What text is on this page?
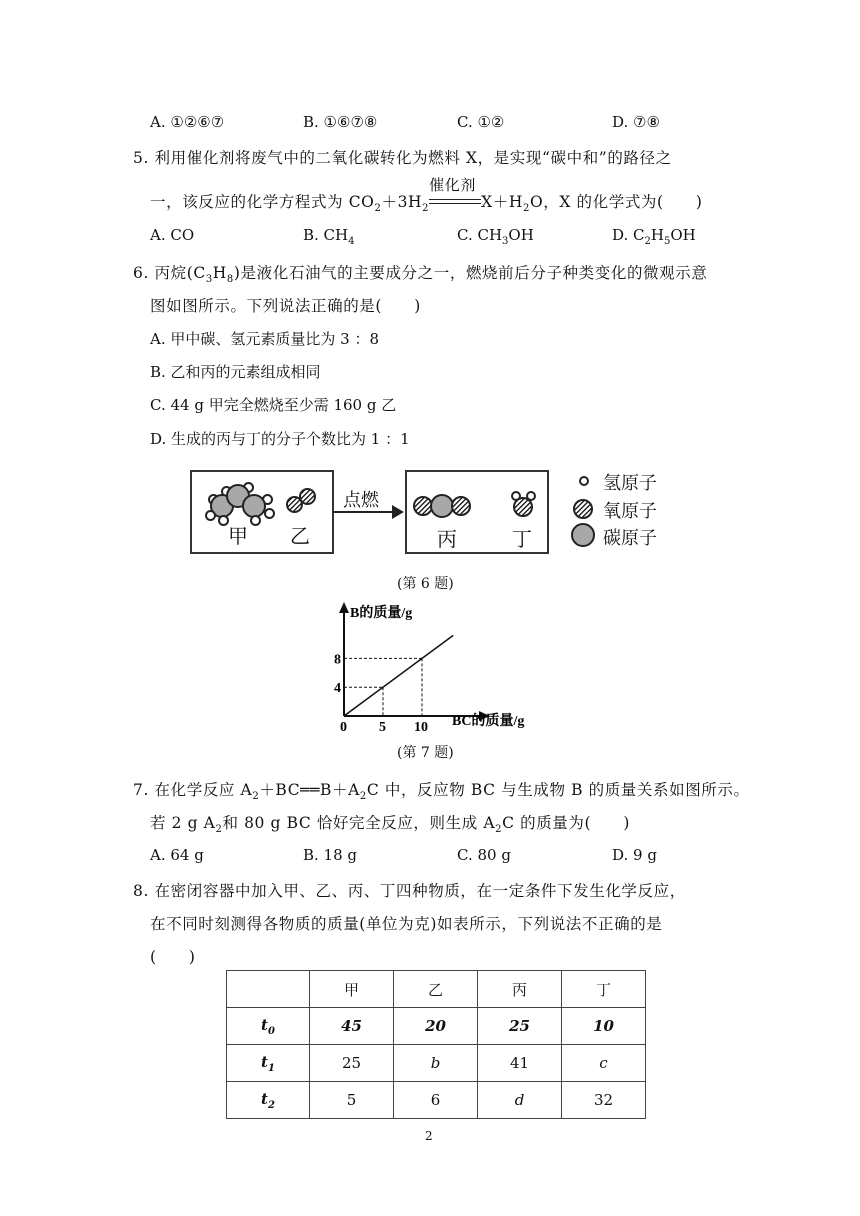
A. ①②⑥⑦	B. ①⑥⑦⑧	C. ①②	D. ⑦⑧
5. 利用催化剂将废气中的二氧化碳转化为燃料 X，是实现“碳中和”的路径之
一，该反应的化学方程式为 $CO_2+3H_2$
催化剂
$X+H_2O$，X 的化学式为(　　)
A. CO	B. $CH_4$	C. $CH_3OH$	D. $C_2H_5OH$
6. 丙烷$(C_3H_8)$是液化石油气的主要成分之一，燃烧前后分子种类变化的微观示意
图如图所示。下列说法正确的是(　　)
A. 甲中碳、氢元素质量比为 3 ：8
B. 乙和丙的元素组成相同
C. 44 g 甲完全燃烧至少需 160 g 乙
D. 生成的丙与丁的分子个数比为 1 ：1
甲 乙
点燃
丙	丁
氢原子
氧原子
碳原子
(第 6 题)
0 5 10
4
8
B的质量/g
BC的质量/g
(第 7 题)
7. 在化学反应 $A_2+BC══B+A_2C$ 中，反应物 BC 与生成物 B 的质量关系如图所示。
若 2 g $A_2$和 80 g BC 恰好完全反应，则生成 $A_2C$ 的质量为(　　)
A. 64 g	B. 18 g	C. 80 g	D. 9 g
8. 在密闭容器中加入甲、乙、丙、丁四种物质，在一定条件下发生化学反应，
在不同时刻测得各物质的质量(单位为克)如表所示，下列说法不正确的是
(　　)
	甲	乙	丙	丁
$t_0$	45	20	25	10
$t_1$	25	b	41	c
$t_2$	5	6	d	32
2
